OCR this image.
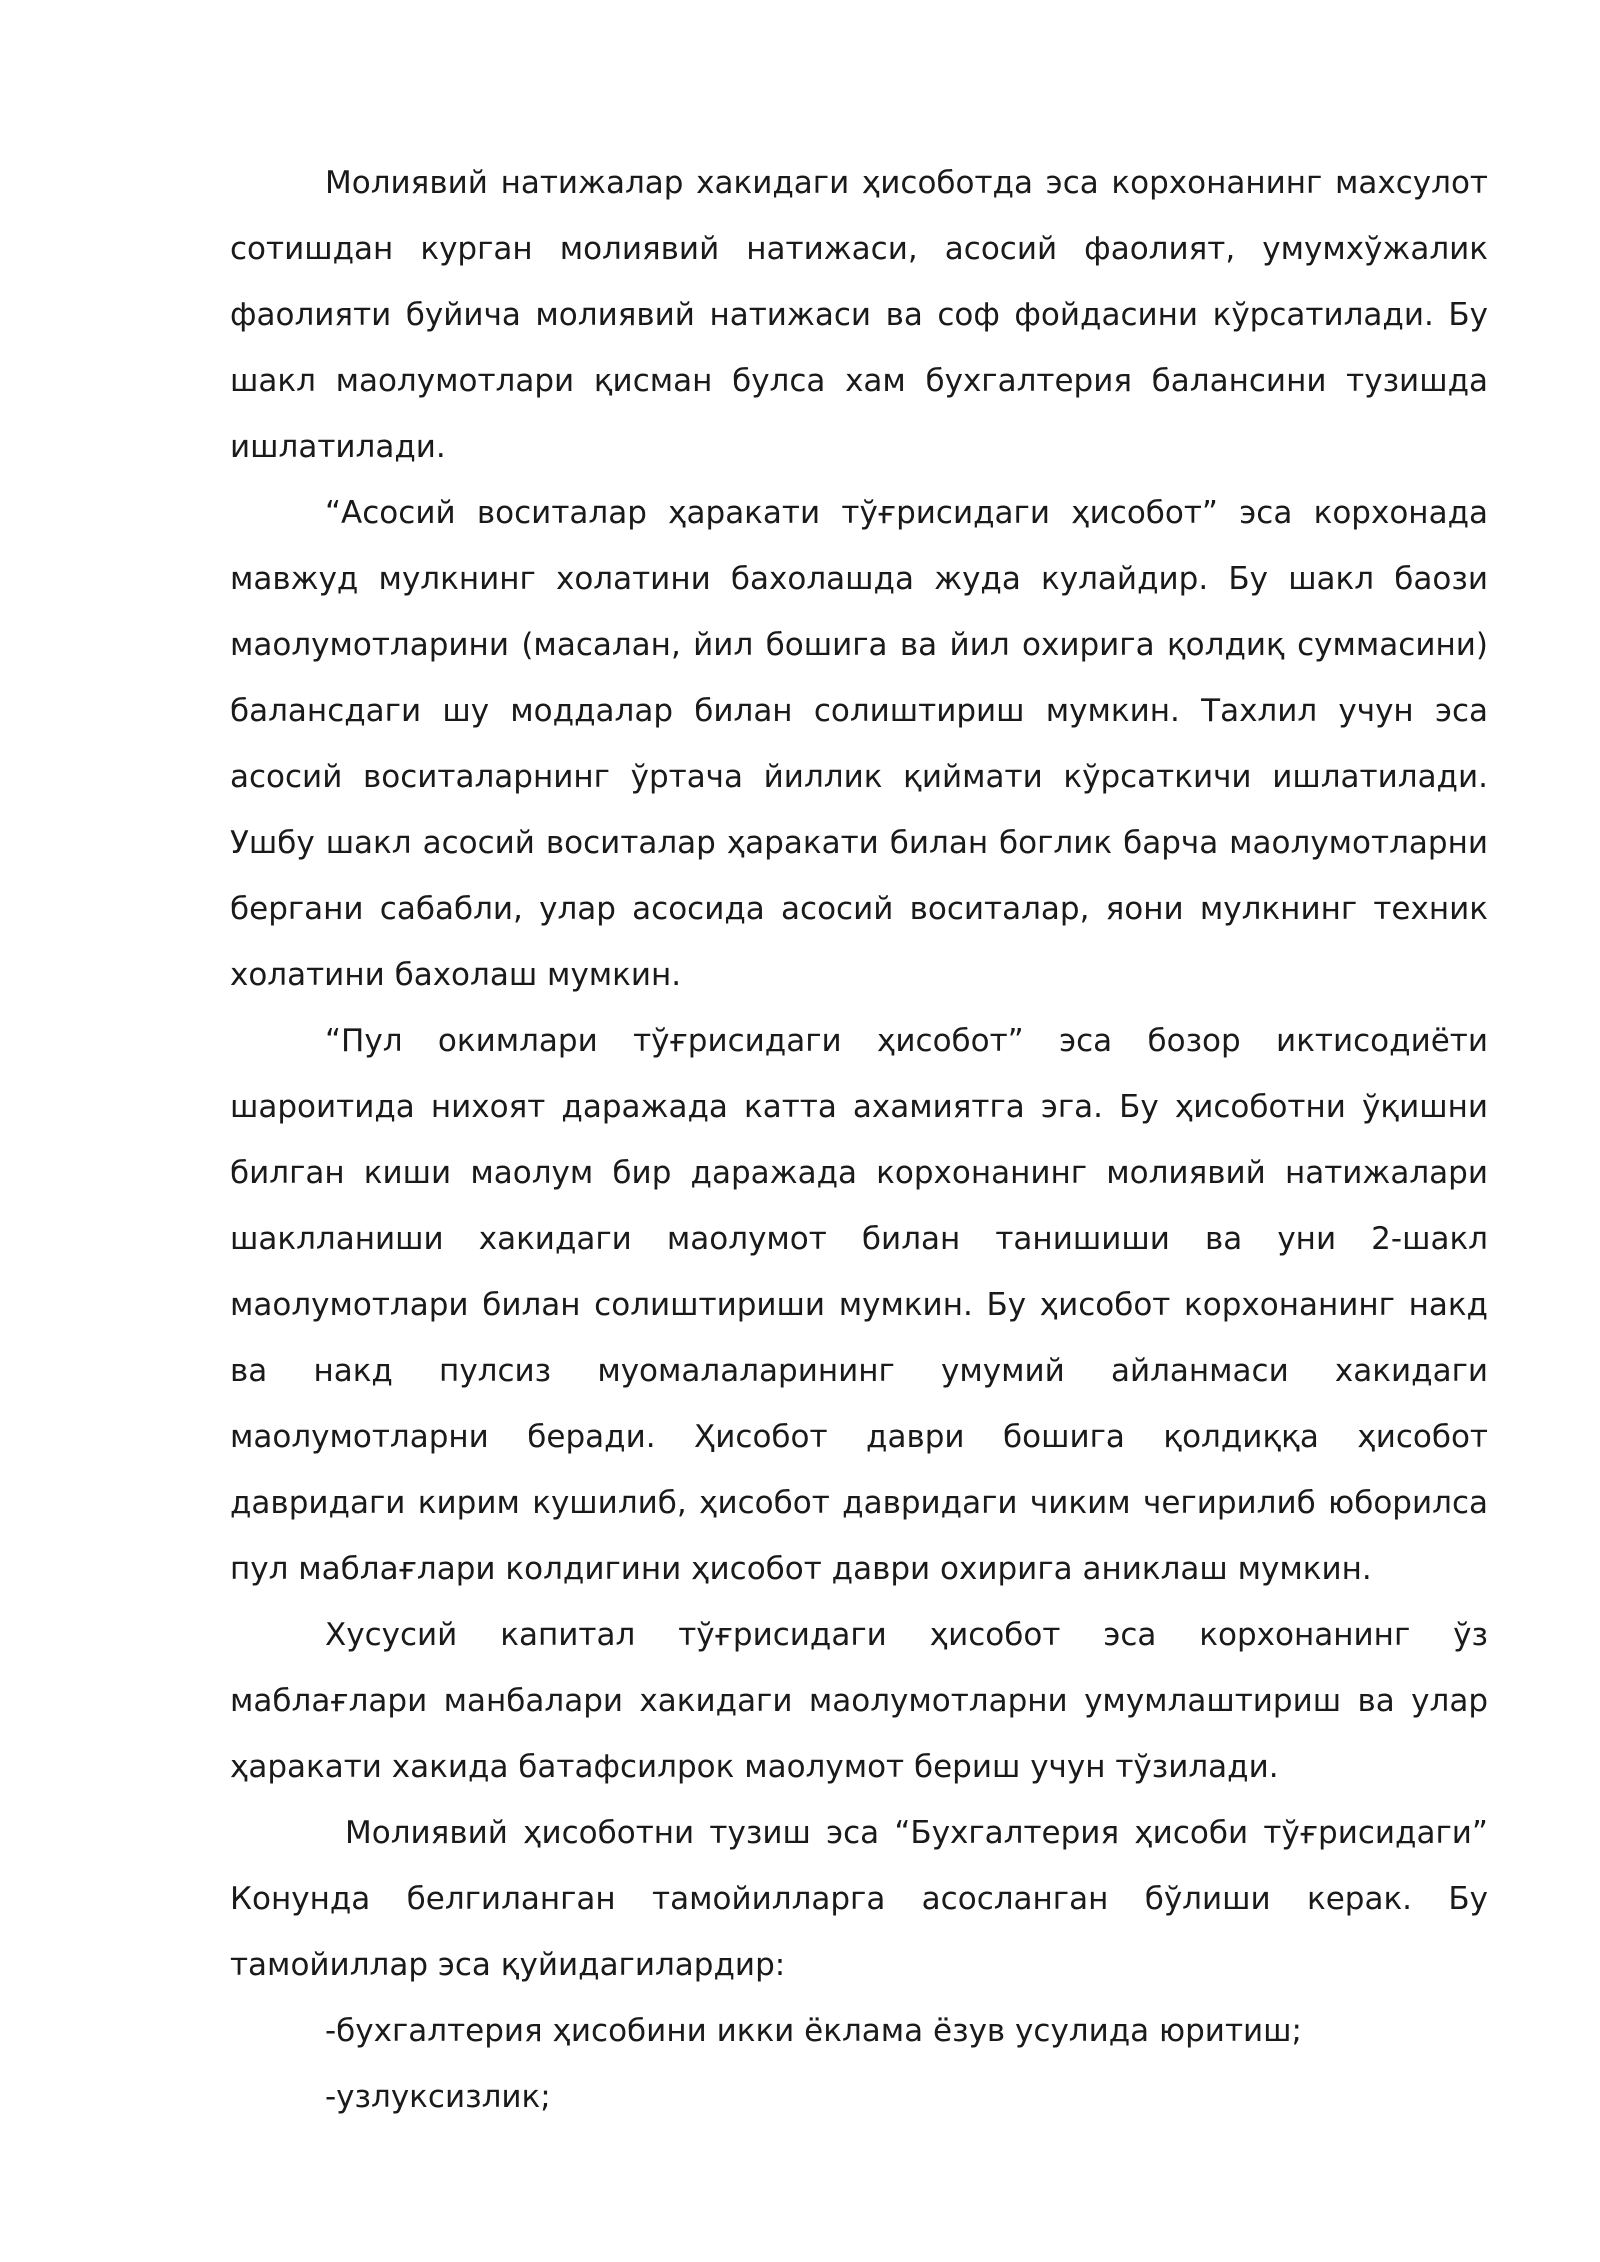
Молиявий натижалар хакидаги ҳисоботда эса корхонанинг махсулот сотишдан курган молиявий натижаси, асосий фаолият, умумхўжалик фаолияти буйича молиявий натижаси ва соф фойдасини кўрсатилади. Бу шакл маолумотлари қисман булса хам бухгалтерия балансини тузишда ишлатилади.

“Асосий воситалар ҳаракати тўғрисидаги ҳисобот” эса корхонада мавжуд мулкнинг холатини бахолашда жуда кулайдир. Бу шакл баози маолумотларини (масалан, йил бошига ва йил охирига қолдиқ суммасини) балансдаги шу моддалар билан солиштириш мумкин. Тахлил учун эса асосий воситаларнинг ўртача йиллик қиймати кўрсаткичи ишлатилади. Ушбу шакл асосий воситалар ҳаракати билан боглик барча маолумотларни бергани сабабли, улар асосида асосий воситалар, яони мулкнинг техник холатини бахолаш мумкин.

“Пул окимлари тўғрисидаги ҳисобот” эса бозор иктисодиёти шароитида нихоят даражада катта ахамиятга эга. Бу ҳисоботни ўқишни билган киши маолум бир даражада корхонанинг молиявий натижалари шаклланиши хакидаги маолумот билан танишиши ва уни 2-шакл маолумотлари билан солиштириши мумкин. Бу ҳисобот корхонанинг накд ва накд пулсиз муомалаларининг умумий айланмаси хакидаги маолумотларни беради. Ҳисобот даври бошига қолдиққа ҳисобот давридаги кирим кушилиб, ҳисобот давридаги чиким чегирилиб юборилса пул маблағлари колдигини ҳисобот даври охирига аниклаш мумкин.

Хусусий капитал тўғрисидаги ҳисобот эса корхонанинг ўз маблағлари манбалари хакидаги маолумотларни умумлаштириш ва улар ҳаракати хакида батафсилрок маолумот бериш учун тўзилади.

Молиявий ҳисоботни тузиш эса “Бухгалтерия ҳисоби тўғрисидаги” Конунда белгиланган тамойилларга асосланган бўлиши керак. Бу тамойиллар эса қуйидагилардир:

-бухгалтерия ҳисобини икки ёклама ёзув усулида юритиш;

-узлуксизлик;
